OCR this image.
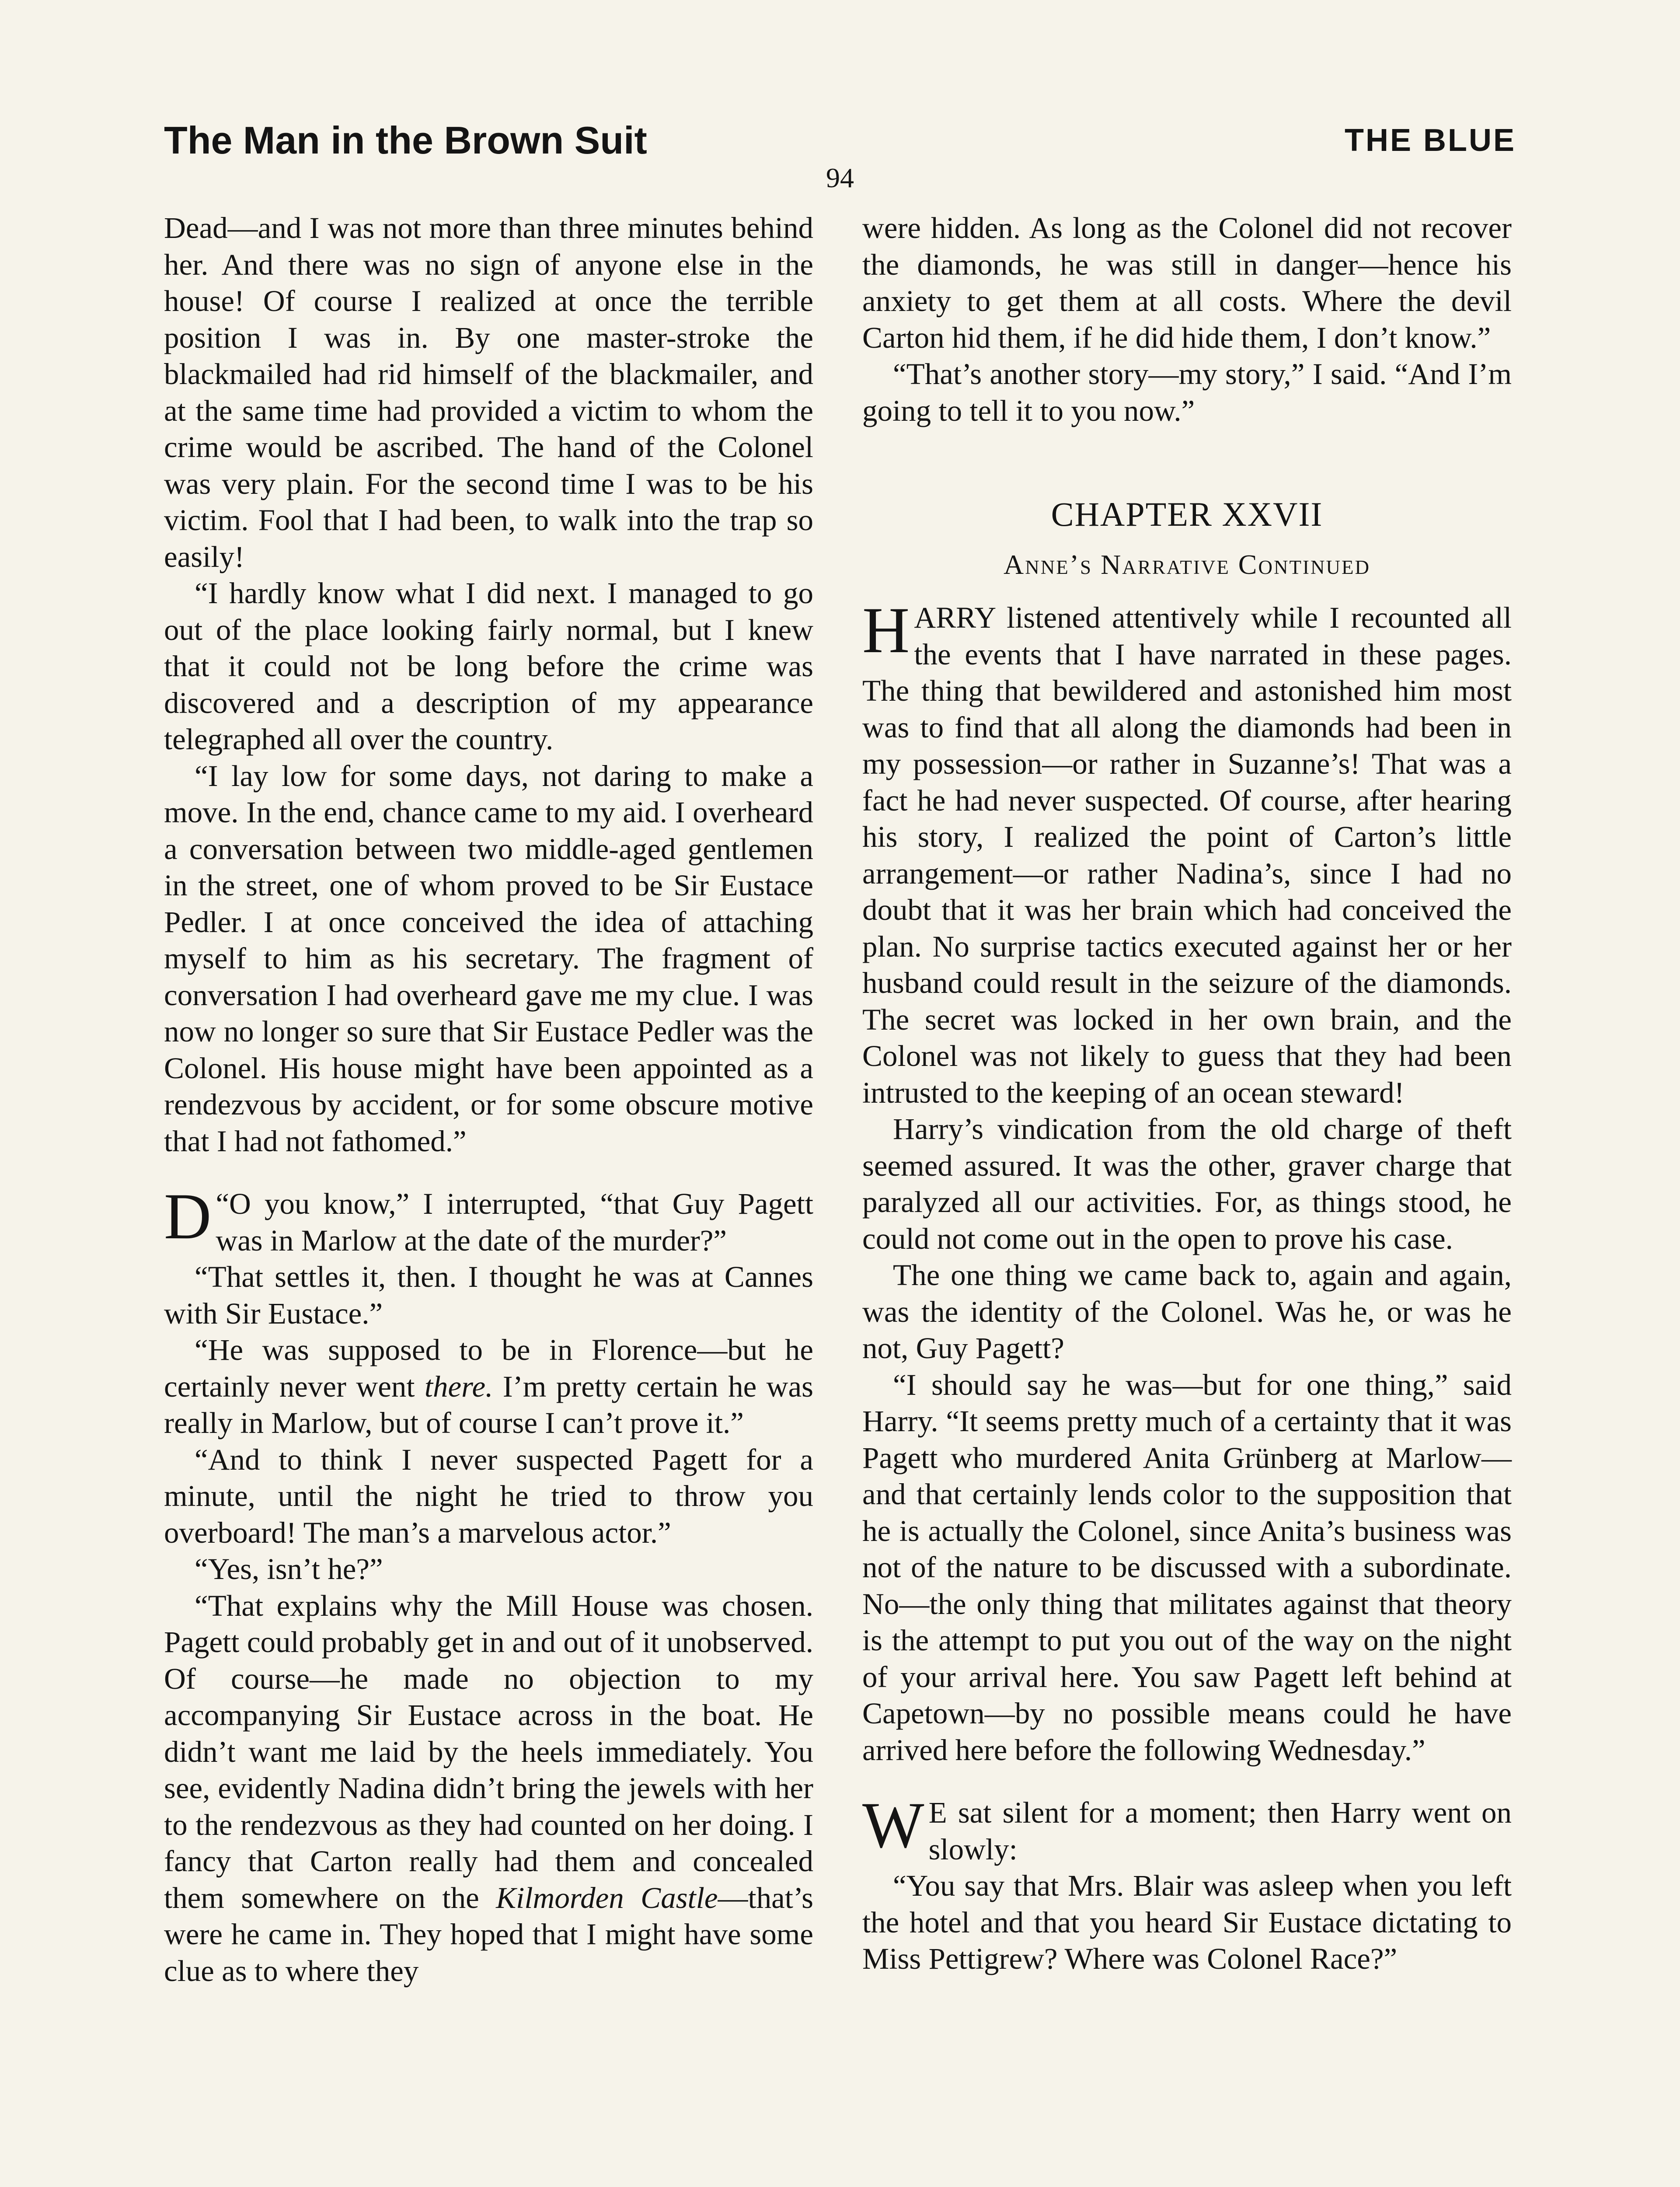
The Man in the Brown Suit	THE BLUE
94

Dead—and I was not more than three minutes behind her. And there was no sign of anyone else in the house! Of course I realized at once the terrible position I was in. By one master-stroke the blackmailed had rid himself of the blackmailer, and at the same time had provided a victim to whom the crime would be ascribed. The hand of the Colonel was very plain. For the second time I was to be his victim. Fool that I had been, to walk into the trap so easily!

“I hardly know what I did next. I managed to go out of the place looking fairly normal, but I knew that it could not be long before the crime was discovered and a description of my appearance telegraphed all over the country.

“I lay low for some days, not daring to make a move. In the end, chance came to my aid. I overheard a conversation between two middle-aged gentlemen in the street, one of whom proved to be Sir Eustace Pedler. I at once conceived the idea of attaching myself to him as his secretary. The fragment of conversation I had overheard gave me my clue. I was now no longer so sure that Sir Eustace Pedler was the Colonel. His house might have been appointed as a rendezvous by accident, or for some obscure motive that I had not fathomed.”

“
D O you know,” I interrupted, “that Guy Pagett was in Marlow at the date of the murder?”

“That settles it, then. I thought he was at Cannes with Sir Eustace.”

“He was supposed to be in Florence—but he certainly never went there. I’m pretty certain he was really in Marlow, but of course I can’t prove it.”

“And to think I never suspected Pagett for a minute, until the night he tried to throw you overboard! The man’s a marvelous actor.”

“Yes, isn’t he?”

“That explains why the Mill House was chosen. Pagett could probably get in and out of it unobserved. Of course—he made no objection to my accompanying Sir Eustace across in the boat. He didn’t want me laid by the heels immediately. You see, evidently Nadina didn’t bring the jewels with her to the rendezvous as they had counted on her doing. I fancy that Carton really had them and concealed them somewhere on the Kilmorden Castle—that’s were he came in. They hoped that I might have some clue as to where they

were hidden. As long as the Colonel did not recover the diamonds, he was still in danger—hence his anxiety to get them at all costs. Where the devil Carton hid them, if he did hide them, I don’t know.”

“That’s another story—my story,” I said. “And I’m going to tell it to you now.”

CHAPTER XXVII
Anne’s Narrative Continued

HARRY listened attentively while I recounted all the events that I have narrated in these pages. The thing that bewildered and astonished him most was to find that all along the diamonds had been in my possession—or rather in Suzanne’s! That was a fact he had never suspected. Of course, after hearing his story, I realized the point of Carton’s little arrangement—or rather Nadina’s, since I had no doubt that it was her brain which had conceived the plan. No surprise tactics executed against her or her husband could result in the seizure of the diamonds. The secret was locked in her own brain, and the Colonel was not likely to guess that they had been intrusted to the keeping of an ocean steward!

Harry’s vindication from the old charge of theft seemed assured. It was the other, graver charge that paralyzed all our activities. For, as things stood, he could not come out in the open to prove his case.

The one thing we came back to, again and again, was the identity of the Colonel. Was he, or was he not, Guy Pagett?

“I should say he was—but for one thing,” said Harry. “It seems pretty much of a certainty that it was Pagett who murdered Anita Grünberg at Marlow—and that certainly lends color to the supposition that he is actually the Colonel, since Anita’s business was not of the nature to be discussed with a subordinate. No—the only thing that militates against that theory is the attempt to put you out of the way on the night of your arrival here. You saw Pagett left behind at Capetown—by no possible means could he have arrived here before the following Wednesday.”

W E sat silent for a moment; then Harry went on slowly:

“You say that Mrs. Blair was asleep when you left the hotel and that you heard Sir Eustace dictating to Miss Pettigrew? Where was Colonel Race?”
